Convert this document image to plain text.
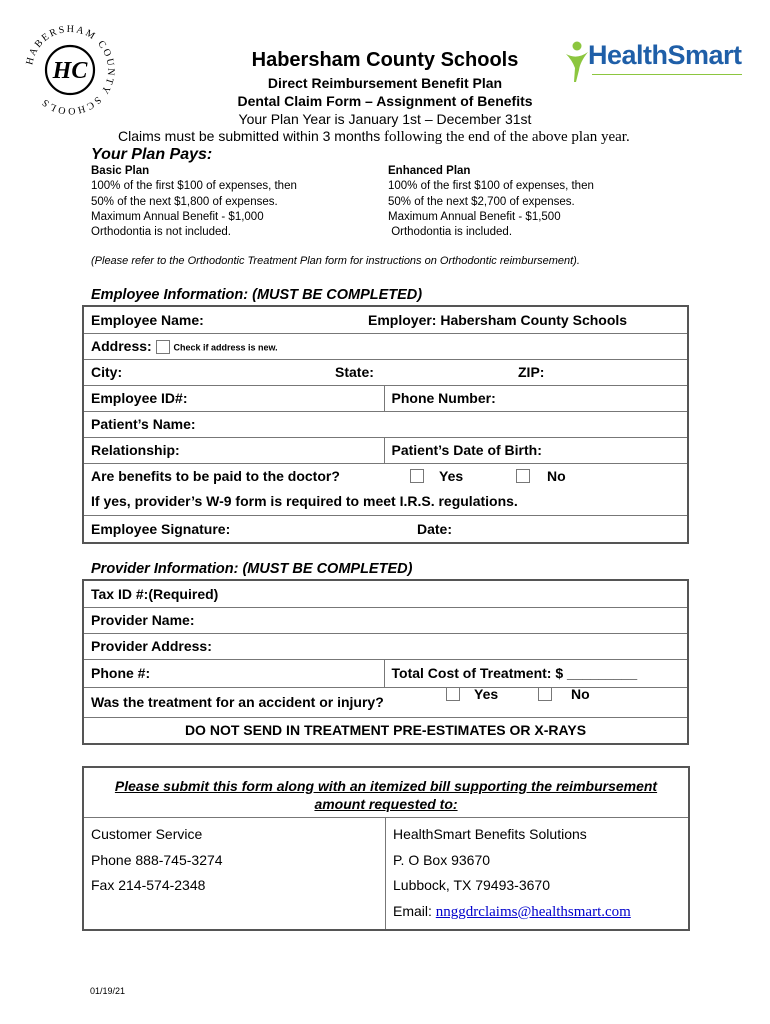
HABERSHAM COUNTY SCHOOLS
HC
HealthSmart
Habersham County Schools
Direct Reimbursement Benefit Plan
Dental Claim Form – Assignment of Benefits
Your Plan Year is January 1st – December 31st
Claims must be submitted within 3 months following the end of the above plan year.
Your Plan Pays:
Basic Plan
100% of the first $100 of expenses, then
50% of the next $1,800 of expenses.
Maximum Annual Benefit - $1,000
Orthodontia is not included.
Enhanced Plan
100% of the first $100 of expenses, then
50% of the next $2,700 of expenses.
Maximum Annual Benefit - $1,500
Orthodontia is included.
(Please refer to the Orthodontic Treatment Plan form for instructions on Orthodontic reimbursement).
Employee Information: (MUST BE COMPLETED)
Employee Name: Employer: Habersham County Schools	

Address: Check if address is new.	
City: State: ZIP:	

Employee ID#:	Phone Number:
Patient’s Name:	
Relationship:	Patient’s Date of Birth:

Are benefits to be paid to the doctor? Yes No
If yes, provider’s W-9 form is required to meet I.R.S. regulations.	

Employee Signature: Date:	
Provider Information: (MUST BE COMPLETED)
Tax ID #:(Required)
Provider Name:
Provider Address:
Phone #:	Total Cost of Treatment: $ _________
Was the treatment for an accident or injury?	Yes	No

DO NOT SEND IN TREATMENT PRE-ESTIMATES OR X-RAYS
Please submit this form along with an itemized bill supporting the reimbursement
amount requested to:
Customer Service
Phone 888-745-3274
Fax 214-574-2348
HealthSmart Benefits Solutions
P. O Box 93670
Lubbock, TX 79493-3670
Email: nnggdrclaims@healthsmart.com
01/19/21
